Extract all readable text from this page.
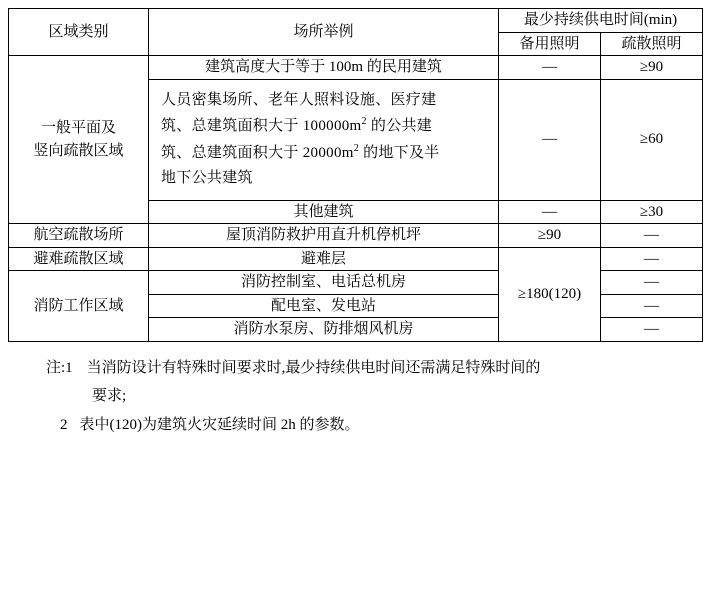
区域类别	场所举例	最少持续供电时间(min)	
		备用照明	疏散照明

一般平面及
竖向疏散区域	建筑高度大于等于 100m 的民用建筑	—	≥90

	人员密集场所、老年人照料设施、医疗建
筑、总建筑面积大于 $100000m^2$ 的公共建
筑、总建筑面积大于 $20000m^2$ 的地下及半
地下公共建筑	—	≥60
	其他建筑	—	≥30
航空疏散场所	屋顶消防救护用直升机停机坪	≥90	—
避难疏散区域	避难层	≥180(120)	—
消防工作区域	消防控制室、电话总机房		—
	配电室、发电站		—
	消防水泵房、防排烟风机房		—
注:1 当消防设计有特殊时间要求时,最少持续供电时间还需满足特殊时间的
要求;
2 表中(120)为建筑火灾延续时间 2h 的参数。
